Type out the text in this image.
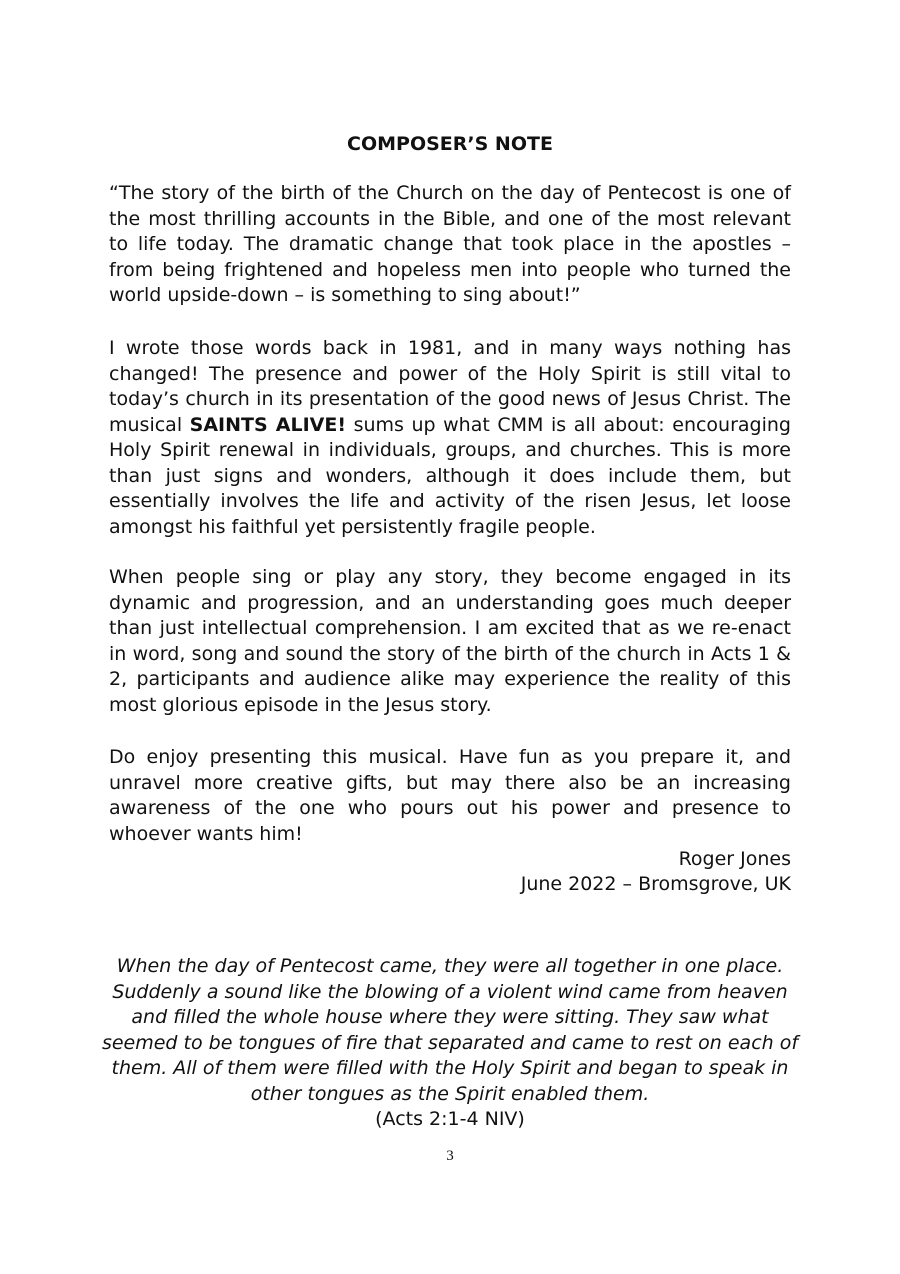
COMPOSER’S NOTE

“The story of the birth of the Church on the day of Pentecost is one of the most thrilling accounts in the Bible, and one of the most relevant to life today. The dramatic change that took place in the apostles – from being frightened and hopeless men into people who turned the world upside-down – is something to sing about!”

I wrote those words back in 1981, and in many ways nothing has changed! The presence and power of the Holy Spirit is still vital to today’s church in its presentation of the good news of Jesus Christ. The musical SAINTS ALIVE! sums up what CMM is all about: encouraging Holy Spirit renewal in individuals, groups, and churches. This is more than just signs and wonders, although it does include them, but essentially involves the life and activity of the risen Jesus, let loose amongst his faithful yet persistently fragile people.

When people sing or play any story, they become engaged in its dynamic and progression, and an understanding goes much deeper than just intellectual comprehension. I am excited that as we re-enact in word, song and sound the story of the birth of the church in Acts 1 & 2, participants and audience alike may experience the reality of this most glorious episode in the Jesus story.

Do enjoy presenting this musical. Have fun as you prepare it, and unravel more creative gifts, but may there also be an increasing awareness of the one who pours out his power and presence to whoever wants him!

Roger Jones

June 2022 – Bromsgrove, UK

When the day of Pentecost came, they were all together in one place. Suddenly a sound like the blowing of a violent wind came from heaven and filled the whole house where they were sitting. They saw what seemed to be tongues of fire that separated and came to rest on each of them. All of them were filled with the Holy Spirit and began to speak in other tongues as the Spirit enabled them.

(Acts 2:1-4 NIV)

3
